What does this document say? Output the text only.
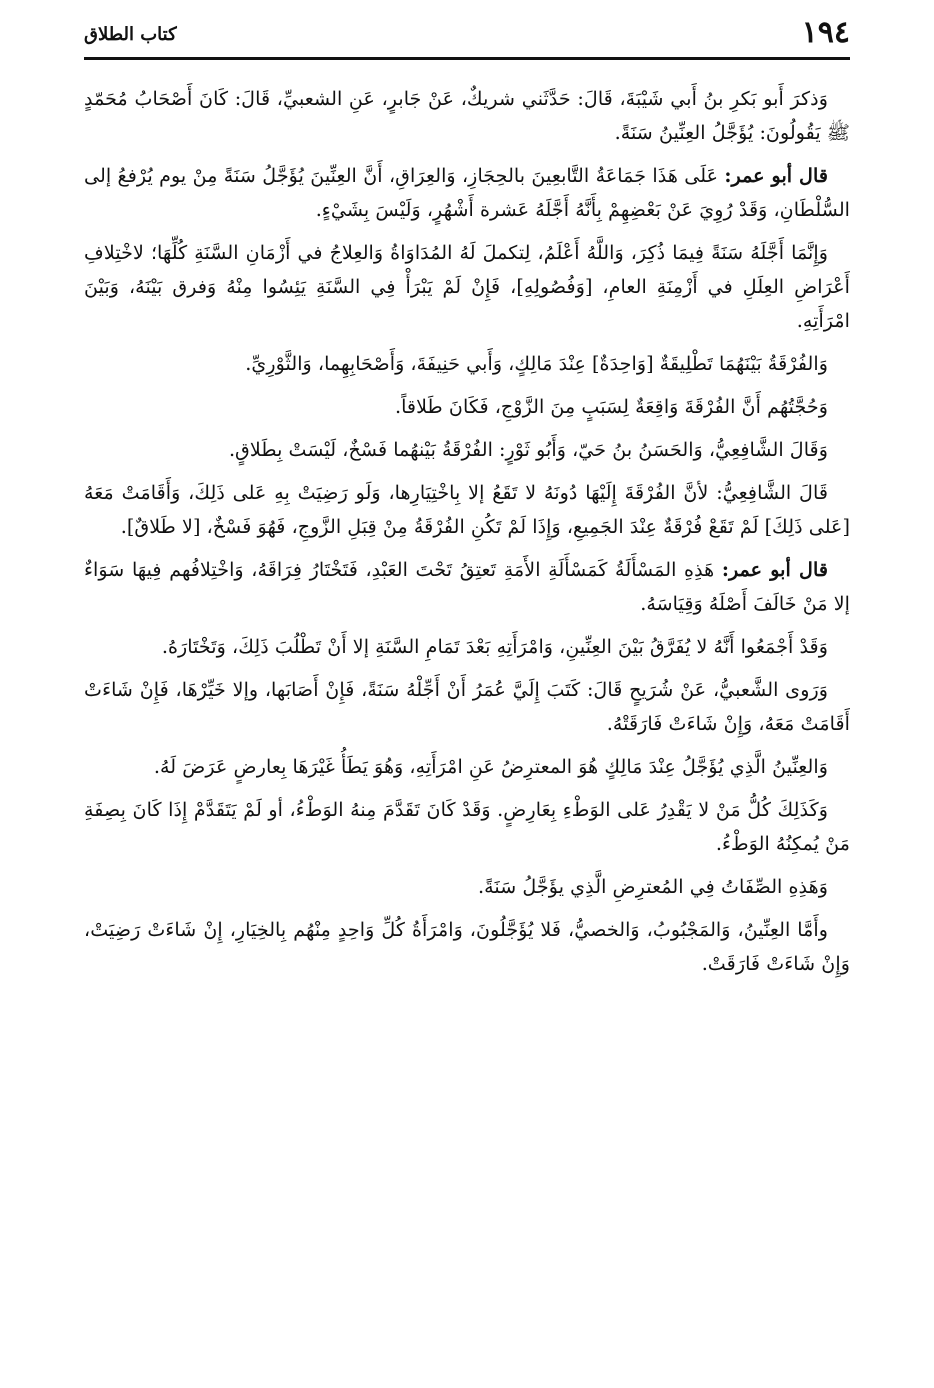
١٩٤
كتاب الطلاق

وَذكرَ أَبو بَكرِ بنُ أَبي شَيْبَةَ، قَالَ: حَدَّثَني شريكٌ، عَنْ جَابرٍ، عَنِ الشعبيِّ، قَالَ: كَانَ أَصْحَابُ مُحَمّدٍ ﷺ يَقُولُونَ: يُؤَجَّلُ العِنِّينُ سَنَةً.

قال أبو عمر: عَلَى هَذَا جَمَاعَةُ التَّابعِينَ بالحِجَازِ، وَالعِرَاقِ، أَنَّ العِنِّينَ يُؤَجَّلُ سَنَةً مِنْ يوم يُرْفعُ إلى السُّلْطَانِ، وَقَدْ رُوِيَ عَنْ بَعْضِهِمْ بِأَنَّهُ أَجَّلَهُ عَشرة أَشْهُرٍ، وَلَيْسَ بِشَيْءٍ.

وَإِنَّمَا أَجَّلَهُ سَنَةً فِيمَا ذُكِرَ، وَاللَّهُ أَعْلَمُ، لِتكملَ لَهُ المُدَاوَاةُ وَالعِلاجُ في أَزْمَانِ السَّنَةِ كُلِّهَا؛ لاخْتِلافِ أَعْرَاضِ العِلَلِ في أَزْمِنَةِ العامِ، [وَفُصُولِهِ]، فَإِنْ لَمْ يَبْرَأْ فِي السَّنَةِ يَئِسُوا مِنْهُ وَفرق بَيْنَهُ، وَبَيْنَ امْرَأَتِهِ.

وَالفُرْقَةُ بَيْنَهُمَا تَطْلِيقَةٌ [وَاحِدَةٌ] عِنْدَ مَالِكٍ، وَأَبي حَنِيفَةَ، وَأَصْحَابِهِما، وَالثَّوْرِيِّ.

وَحُجَّتُهُم أَنَّ الفُرْقَةَ وَاقِعَةٌ لِسَبَبٍ مِنَ الزَّوْجِ، فَكَانَ طَلاقاً.

وَقَالَ الشَّافِعِيُّ، وَالحَسَنُ بنُ حَيّ، وَأَبُو ثَوْرٍ: الفُرْقَةُ بَيْنهُما فَسْخٌ، لَيْسَتْ بِطَلاقٍ.

قَالَ الشَّافِعِيُّ: لأنَّ الفُرْقَةَ إِلَيْهَا دُونَهُ لا تَقَعُ إلا بِاخْتِيَارِها، وَلَو رَضِيَتْ بِهِ عَلى ذَلِكَ، وَأَقَامَتْ مَعَهُ [عَلى ذَلِكَ] لَمْ تَقَعْ فُرْقَةٌ عِنْدَ الجَمِيعِ، وَإِذَا لَمْ تَكُنِ الفُرْقَةُ مِنْ قِبَلِ الزَّوجِ، فَهُوَ فَسْخٌ، [لا طَلاقٌ].

قال أبو عمر: هَذِهِ المَسْأَلَةُ كَمَسْأَلَةِ الأَمَةِ تَعتِقُ تَحْتَ العَبْدِ، فَتَخْتَارُ فِرَاقَهُ، وَاخْتِلافُهم فِيهَا سَوَاءٌ إلا مَنْ خَالَفَ أَصْلَهُ وَقِيَاسَهُ.

وَقَدْ أَجْمَعُوا أَنَّهُ لا يُفَرَّقُ بَيْنَ العِنِّينِ، وَامْرَأَتِهِ بَعْدَ تَمَامِ السَّنَةِ إلا أَنْ تَطْلُبَ ذَلِكَ، وَتَخْتَارَهُ.

وَرَوى الشَّعبيُّ، عَنْ شُرَيحٍ قَالَ: كَتَبَ إِلَيَّ عُمَرُ أَنْ أَجِّلْهُ سَنَةً، فَإِنْ أَصَابَها، وإلا خَيِّرْهَا، فَإِنْ شَاءَتْ أَقَامَتْ مَعَهُ، وَإِنْ شَاءَتْ فَارَقَتْهُ.

وَالعِنِّينُ الَّذِي يُؤَجَّلُ عِنْدَ مَالِكٍ هُوَ المعترِضُ عَنِ امْرَأَتِهِ، وَهُوَ يَطَأُ غَيْرَهَا بِعارضٍ عَرَضَ لَهُ.

وَكَذَلِكَ كُلُّ مَنْ لا يَقْدِرُ عَلى الوَطْءِ بِعَارِضٍ. وَقَدْ كَانَ تَقَدَّمَ مِنهُ الوَطْءُ، أو لَمْ يَتَقَدَّمْ إِذَا كَانَ بِصِفَةِ مَنْ يُمكِنُهُ الوَطْءُ.

وَهَذِهِ الصِّفَاتُ فِي المُعترِضِ الَّذِي يؤَجَّلُ سَنَةً.

وأَمَّا العِنِّينُ، وَالمَجْبُوبُ، وَالخصيُّ، فَلا يُؤَجَّلُونَ، وَامْرَأَةُ كُلِّ وَاحِدٍ مِنْهُم بِالخِيَارِ، إِنْ شَاءَتْ رَضِيَتْ، وَإِنْ شَاءَتْ فَارَقَتْ.
